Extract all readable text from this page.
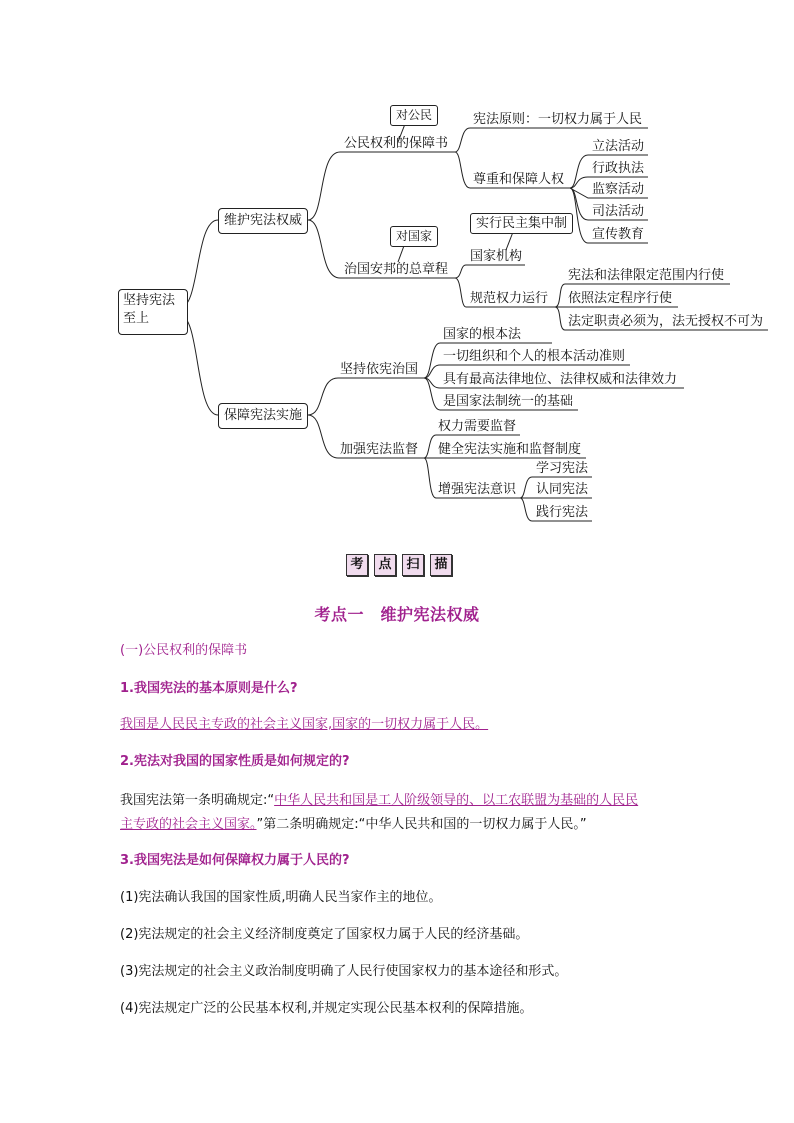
坚持宪法
至上
维护宪法权威
保障宪法实施
对公民
对国家
实行民主集中制
公民权利的保障书
宪法原则：一切权力属于人民
尊重和保障人权
立法活动
行政执法
监察活动
司法活动
宣传教育
治国安邦的总章程
国家机构
规范权力运行
宪法和法律限定范围内行使
依照法定程序行使
法定职责必须为，法无授权不可为
坚持依宪治国
国家的根本法
一切组织和个人的根本活动准则
具有最高法律地位、法律权威和法律效力
是国家法制统一的基础
加强宪法监督
权力需要监督
健全宪法实施和监督制度
增强宪法意识
学习宪法
认同宪法
践行宪法
考	点	扫	描
考点一　维护宪法权威
(一)公民权利的保障书
1.我国宪法的基本原则是什么?
我国是人民民主专政的社会主义国家,国家的一切权力属于人民。
2.宪法对我国的国家性质是如何规定的?
我国宪法第一条明确规定:“中华人民共和国是工人阶级领导的、以工农联盟为基础的人民民
主专政的社会主义国家。”第二条明确规定:“中华人民共和国的一切权力属于人民。”
3.我国宪法是如何保障权力属于人民的?
(1)宪法确认我国的国家性质,明确人民当家作主的地位。
(2)宪法规定的社会主义经济制度奠定了国家权力属于人民的经济基础。
(3)宪法规定的社会主义政治制度明确了人民行使国家权力的基本途径和形式。
(4)宪法规定广泛的公民基本权利,并规定实现公民基本权利的保障措施。
